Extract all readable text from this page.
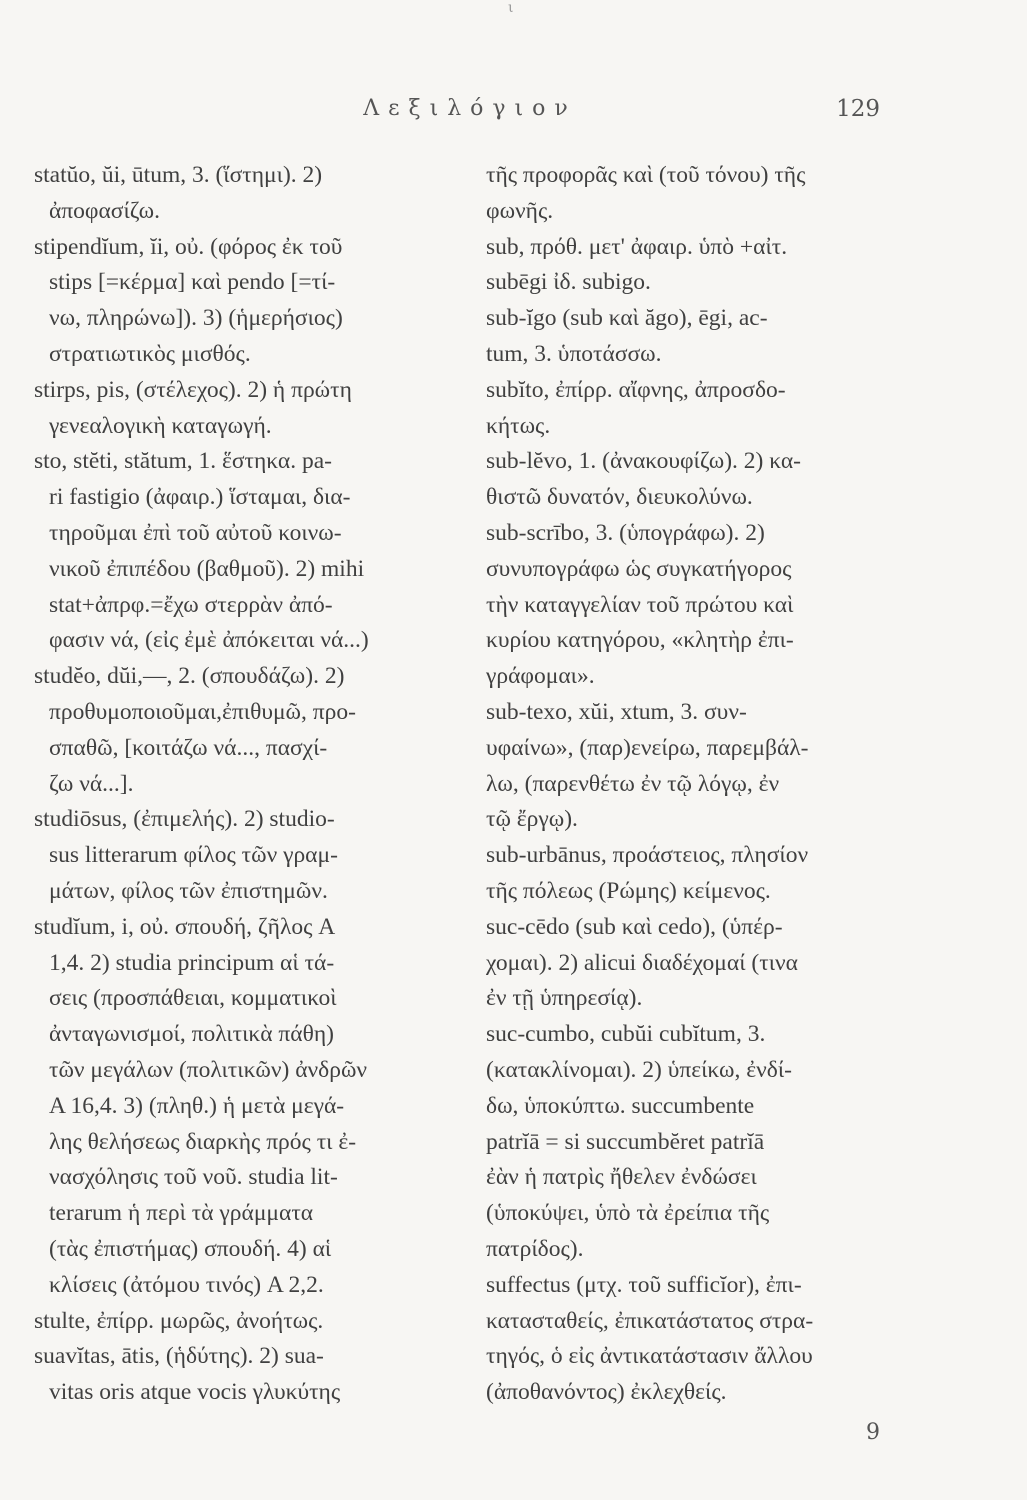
ι
Λεξιλόγιον	129
statŭo, ŭi, ūtum, 3. (ἵστημι). 2)
ἀποφασίζω.
stipendĭum, ĭi, οὐ. (φόρος ἐκ τοῦ
stips [=κέρμα] καὶ pendo [=τί-
νω, πληρώνω]). 3) (ἡμερήσιος)
στρατιωτικὸς μισθός.
stirps, pis, (στέλεχος). 2) ἡ πρώτη
γενεαλογικὴ καταγωγή.
sto, stĕti, stătum, 1. ἕστηκα. pa-
ri fastigio (ἀφαιρ.) ἵσταμαι, δια-
τηροῦμαι ἐπὶ τοῦ αὐτοῦ κοινω-
νικοῦ ἐπιπέδου (βαθμοῦ). 2) mihi
stat+ἀπρφ.=ἔχω στερρὰν ἀπό-
φασιν νά, (εἰς ἐμὲ ἀπόκειται νά...)
studĕo, dŭi,—, 2. (σπουδάζω). 2)
προθυμοποιοῦμαι,ἐπιθυμῶ, προ-
σπαθῶ, [κοιτάζω νά..., πασχί-
ζω νά...].
studiōsus, (ἐπιμελής). 2) studio-
sus litterarum φίλος τῶν γραμ-
μάτων, φίλος τῶν ἐπιστημῶν.
studĭum, i, οὐ. σπουδή, ζῆλος A
1,4. 2) studia principum αἱ τά-
σεις (προσπάθειαι, κομματικοὶ
ἀνταγωνισμοί, πολιτικὰ πάθη)
τῶν μεγάλων (πολιτικῶν) ἀνδρῶν
A 16,4. 3) (πληθ.) ἡ μετὰ μεγά-
λης θελήσεως διαρκὴς πρός τι ἐ-
νασχόλησις τοῦ νοῦ. studia lit-
terarum ἡ περὶ τὰ γράμματα
(τὰς ἐπιστήμας) σπουδή. 4) αἱ
κλίσεις (ἀτόμου τινός) A 2,2.
stulte, ἐπίρρ. μωρῶς, ἀνοήτως.
suavĭtas, ātis, (ἡδύτης). 2) sua-
vitas oris atque vocis γλυκύτης
τῆς προφορᾶς καὶ (τοῦ τόνου) τῆς
φωνῆς.
sub, πρόθ. μετ' ἀφαιρ. ὑπὸ +αἰτ.
subēgi ἰδ. subigo.
sub-ĭgo (sub καὶ ăgo), ēgi, ac-
tum, 3. ὑποτάσσω.
subĭto, ἐπίρρ. αἴφνης, ἀπροσδο-
κήτως.
sub-lĕvo, 1. (ἀνακουφίζω). 2) κα-
θιστῶ δυνατόν, διευκολύνω.
sub-scrībo, 3. (ὑπογράφω). 2)
συνυπογράφω ὡς συγκατήγορος
τὴν καταγγελίαν τοῦ πρώτου καὶ
κυρίου κατηγόρου, «κλητὴρ ἐπι-
γράφομαι».
sub-texo, xŭi, xtum, 3. συν-
υφαίνω», (παρ)ενείρω, παρεμβάλ-
λω, (παρενθέτω ἐν τῷ λόγῳ, ἐν
τῷ ἔργῳ).
sub-urbānus, προάστειος, πλησίον
τῆς πόλεως (Ρώμης) κείμενος.
suc-cēdo (sub καὶ cedo), (ὑπέρ-
χομαι). 2) alicui διαδέχομαί (τινα
ἐν τῇ ὑπηρεσίᾳ).
suc-cumbo, cubŭi cubĭtum, 3.
(κατακλίνομαι). 2) ὑπείκω, ἐνδί-
δω, ὑποκύπτω. succumbente
patrĭā = si succumbĕret patrĭā
ἐὰν ἡ πατρὶς ἤθελεν ἐνδώσει
(ὑποκύψει, ὑπὸ τὰ ἐρείπια τῆς
πατρίδος).
suffectus (μτχ. τοῦ sufficĭor), ἐπι-
κατασταθείς, ἐπικατάστατος στρα-
τηγός, ὁ εἰς ἀντικατάστασιν ἄλλου
(ἀποθανόντος) ἐκλεχθείς.
9
